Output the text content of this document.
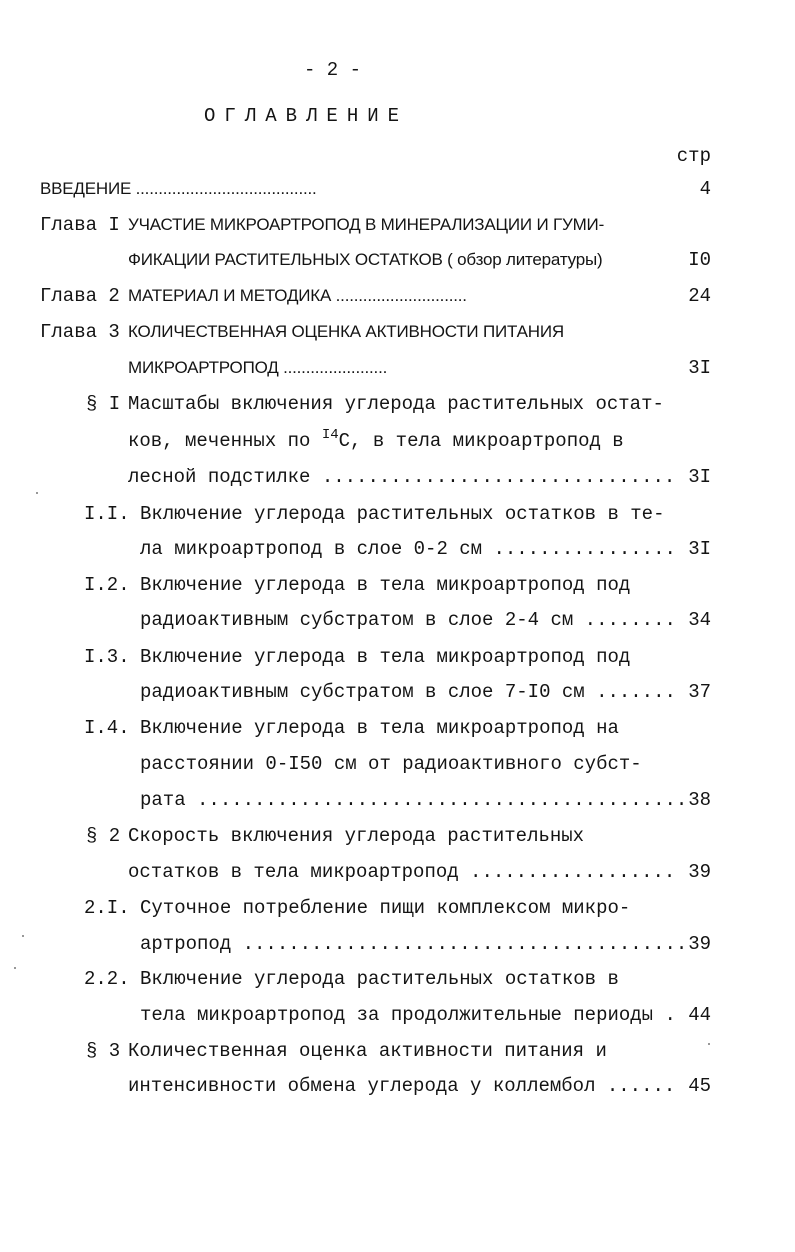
- 2 -
ОГЛАВЛЕНИЕ
стр
ВВЕДЕНИЕ ........................................	4
Глава I УЧАСТИЕ МИКРОАРТРОПОД В МИНЕРАЛИЗАЦИИ И ГУМИ-
ФИКАЦИИ РАСТИТЕЛЬНЫХ ОСТАТКОВ ( обзор литературы)	I0
Глава 2 МАТЕРИАЛ И МЕТОДИКА .............................	24
Глава 3 КОЛИЧЕСТВЕННАЯ ОЦЕНКА АКТИВНОСТИ ПИТАНИЯ
МИКРОАРТРОПОД .......................	3I
§ I Масштабы включения углерода растительных остат-
ков, меченных по $^{I4}$C, в тела микроартропод в
лесной подстилке ............................... 3I
I.I. Включение углерода растительных остатков в те-
ла микроартропод в слое 0-2 см ................ 3I
I.2. Включение углерода в тела микроартропод под
радиоактивным субстратом в слое 2-4 см ........ 34
I.3. Включение углерода в тела микроартропод под
радиоактивным субстратом в слое 7-I0 см ....... 37
I.4. Включение углерода в тела микроартропод на
расстоянии 0-I50 см от радиоактивного субст-
рата ........................................... 38
§ 2 Скорость включения углерода растительных
остатков в тела микроартропод .................. 39
2.I. Суточное потребление пищи комплексом микро-
артропод ....................................... 39
2.2. Включение углерода растительных остатков в
тела микроартропод за продолжительные периоды . 44
§ 3 Количественная оценка активности питания и
интенсивности обмена углерода у коллембол ...... 45
